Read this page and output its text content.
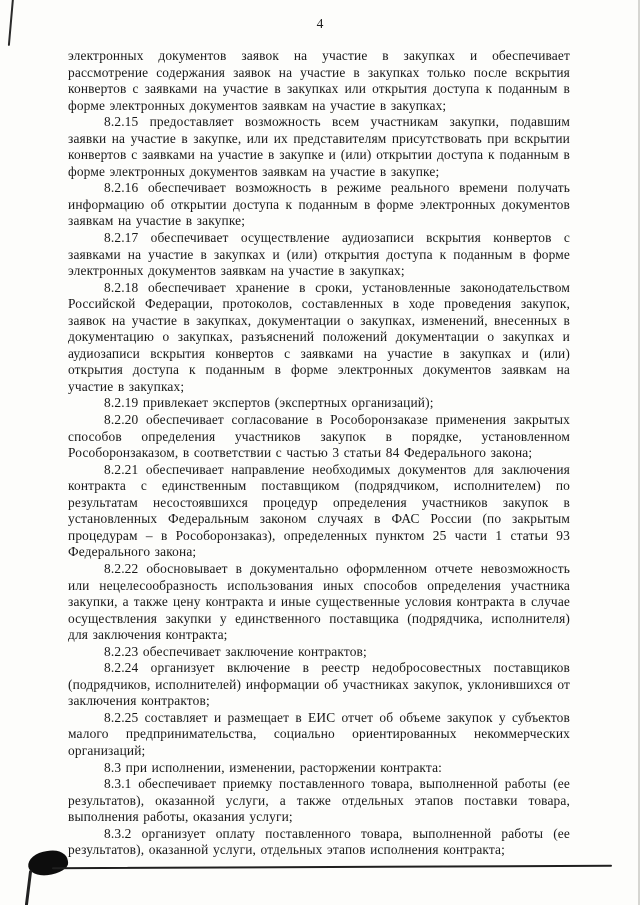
4

электронных документов заявок на участие в закупках и обеспечивает рассмотрение содержания заявок на участие в закупках только после вскрытия конвертов с заявками на участие в закупках или открытия доступа к поданным в форме электронных документов заявкам на участие в закупках;

8.2.15 предоставляет возможность всем участникам закупки, подавшим заявки на участие в закупке, или их представителям присутствовать при вскрытии конвертов с заявками на участие в закупке и (или) открытии доступа к поданным в форме электронных документов заявкам на участие в закупке;

8.2.16 обеспечивает возможность в режиме реального времени получать информацию об открытии доступа к поданным в форме электронных документов заявкам на участие в закупке;

8.2.17 обеспечивает осуществление аудиозаписи вскрытия конвертов с заявками на участие в закупках и (или) открытия доступа к поданным в форме электронных документов заявкам на участие в закупках;

8.2.18 обеспечивает хранение в сроки, установленные законодательством Российской Федерации, протоколов, составленных в ходе проведения закупок, заявок на участие в закупках, документации о закупках, изменений, внесенных в документацию о закупках, разъяснений положений документации о закупках и аудиозаписи вскрытия конвертов с заявками на участие в закупках и (или) открытия доступа к поданным в форме электронных документов заявкам на участие в закупках;

8.2.19 привлекает экспертов (экспертных организаций);

8.2.20 обеспечивает согласование в Рособоронзаказе применения закрытых способов определения участников закупок в порядке, установленном Рособоронзаказом, в соответствии с частью 3 статьи 84 Федерального закона;

8.2.21 обеспечивает направление необходимых документов для заключения контракта с единственным поставщиком (подрядчиком, исполнителем) по результатам несостоявшихся процедур определения участников закупок в установленных Федеральным законом случаях в ФАС России (по закрытым процедурам – в Рособоронзаказ), определенных пунктом 25 части 1 статьи 93 Федерального закона;

8.2.22 обосновывает в документально оформленном отчете невозможность или нецелесообразность использования иных способов определения участника закупки, а также цену контракта и иные существенные условия контракта в случае осуществления закупки у единственного поставщика (подрядчика, исполнителя) для заключения контракта;

8.2.23 обеспечивает заключение контрактов;

8.2.24 организует включение в реестр недобросовестных поставщиков (подрядчиков, исполнителей) информации об участниках закупок, уклонившихся от заключения контрактов;

8.2.25 составляет и размещает в ЕИС отчет об объеме закупок у субъектов малого предпринимательства, социально ориентированных некоммерческих организаций;

8.3 при исполнении, изменении, расторжении контракта:

8.3.1 обеспечивает приемку поставленного товара, выполненной работы (ее результатов), оказанной услуги, а также отдельных этапов поставки товара, выполнения работы, оказания услуги;

8.3.2 организует оплату поставленного товара, выполненной работы (ее результатов), оказанной услуги, отдельных этапов исполнения контракта;
